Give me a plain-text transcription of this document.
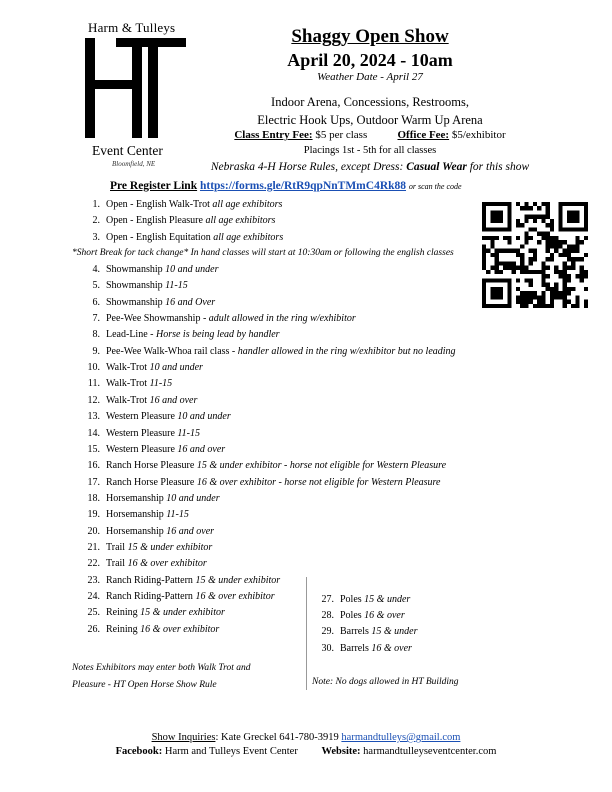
Harm & Tulleys
Event Center
Bloomfield, NE
Shaggy Open Show
April 20, 2024 - 10am
Weather Date - April 27
Indoor Arena, Concessions, Restrooms,
Electric Hook Ups, Outdoor Warm Up Arena
Class Entry Fee: $5 per class	Office Fee: $5/exhibitor
Placings 1st - 5th for all classes
Nebraska 4-H Horse Rules, except Dress: Casual Wear for this show
Pre Register Link https://forms.gle/RtR9qpNnTMmC4Rk88 or scan the code
1. Open - English Walk-Trot all age exhibitors
2. Open - English Pleasure all age exhibitors
3. Open - English Equitation all age exhibitors
4. Showmanship 10 and under
5. Showmanship 11-15
6. Showmanship 16 and Over
7. Pee-Wee Showmanship - adult allowed in the ring w/exhibitor
8. Lead-Line - Horse is being lead by handler
9. Pee-Wee Walk-Whoa rail class - handler allowed in the ring w/exhibitor but no leading
10. Walk-Trot 10 and under
11. Walk-Trot 11-15
12. Walk-Trot 16 and over
13. Western Pleasure 10 and under
14. Western Pleasure 11-15
15. Western Pleasure 16 and over
16. Ranch Horse Pleasure 15 & under exhibitor - horse not eligible for Western Pleasure
17. Ranch Horse Pleasure 16 & over exhibitor - horse not eligible for Western Pleasure
18. Horsemanship 10 and under
19. Horsemanship 11-15
20. Horsemanship 16 and over
21. Trail 15 & under exhibitor
22. Trail 16 & over exhibitor
23. Ranch Riding-Pattern 15 & under exhibitor
24. Ranch Riding-Pattern 16 & over exhibitor
25. Reining 15 & under exhibitor
26. Reining 16 & over exhibitor
*Short Break for tack change* In hand classes will start at 10:30am or following the english classes
27. Poles 15 & under
28. Poles 16 & over
29. Barrels 15 & under
30. Barrels 16 & over
Notes Exhibitors may enter both Walk Trot and
Pleasure - HT Open Horse Show Rule	Note: No dogs allowed in HT Building
Show Inquiries: Kate Greckel 641-780-3919 harmandtulleys@gmail.com
Facebook: Harm and Tulleys Event Center Website: harmandtulleyseventcenter.com
